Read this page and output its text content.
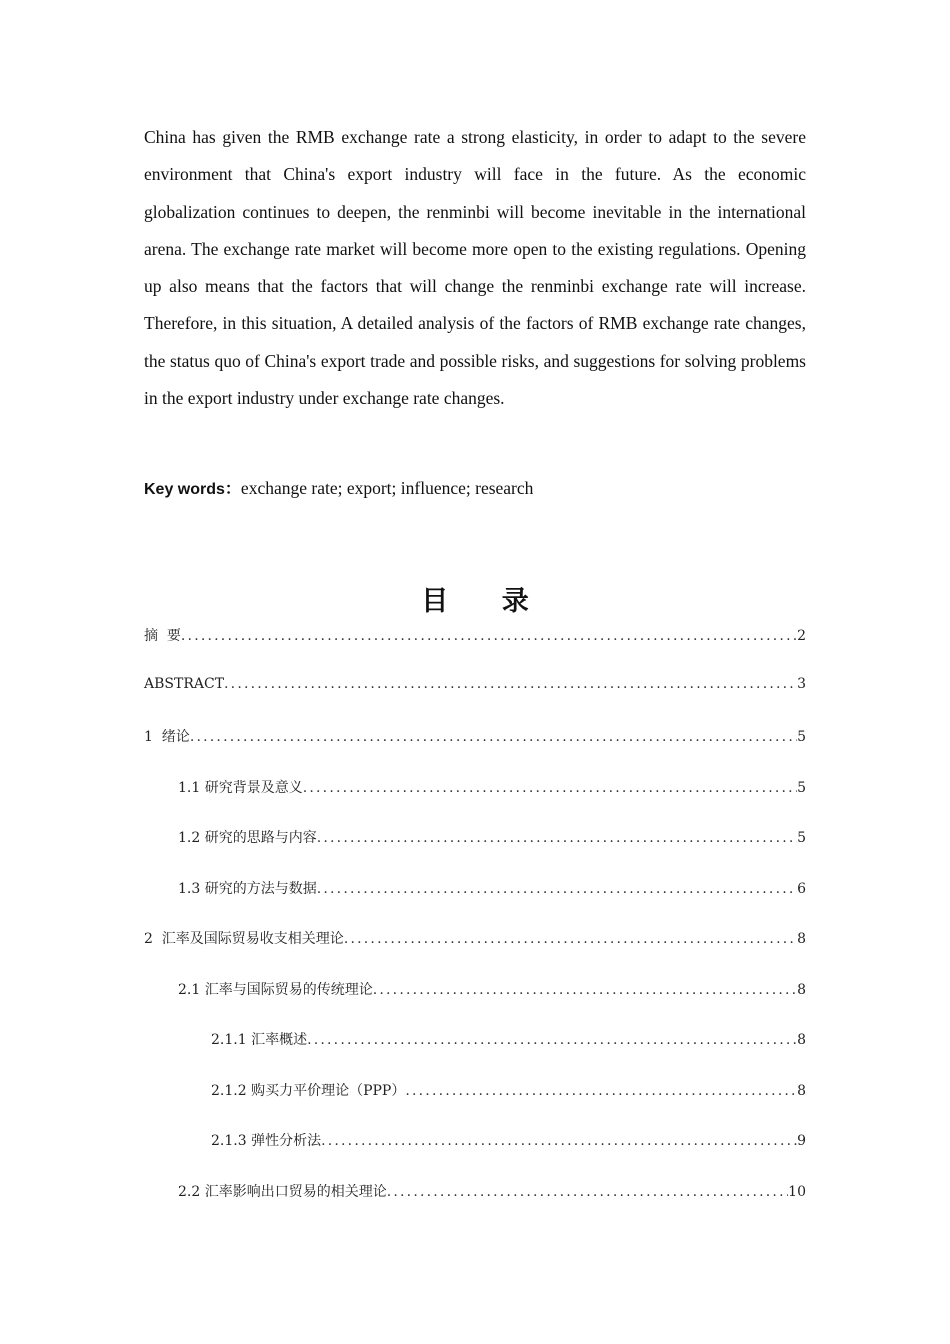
China has given the RMB exchange rate a strong elasticity, in order to adapt to the severe environment that China's export industry will face in the future. As the economic globalization continues to deepen, the renminbi will become inevitable in the international arena. The exchange rate market will become more open to the existing regulations. Opening up also means that the factors that will change the renminbi exchange rate will increase. Therefore, in this situation, A detailed analysis of the factors of RMB exchange rate changes, the status quo of China's export trade and possible risks, and suggestions for solving problems in the export industry under exchange rate changes.

Key words：exchange rate; export; influence; research

目 录
摘  要 .....	2
ABSTRACT .....	3
1  绪论 .....	5
1.1 研究背景及意义 .....	5
1.2 研究的思路与内容 .....	5
1.3 研究的方法与数据 .....	6
2  汇率及国际贸易收支相关理论 .....	8
2.1 汇率与国际贸易的传统理论 .....	8
2.1.1 汇率概述 .....	8
2.1.2 购买力平价理论（PPP） .....	8
2.1.3 弹性分析法 .....	9
2.2 汇率影响出口贸易的相关理论 .....	10
